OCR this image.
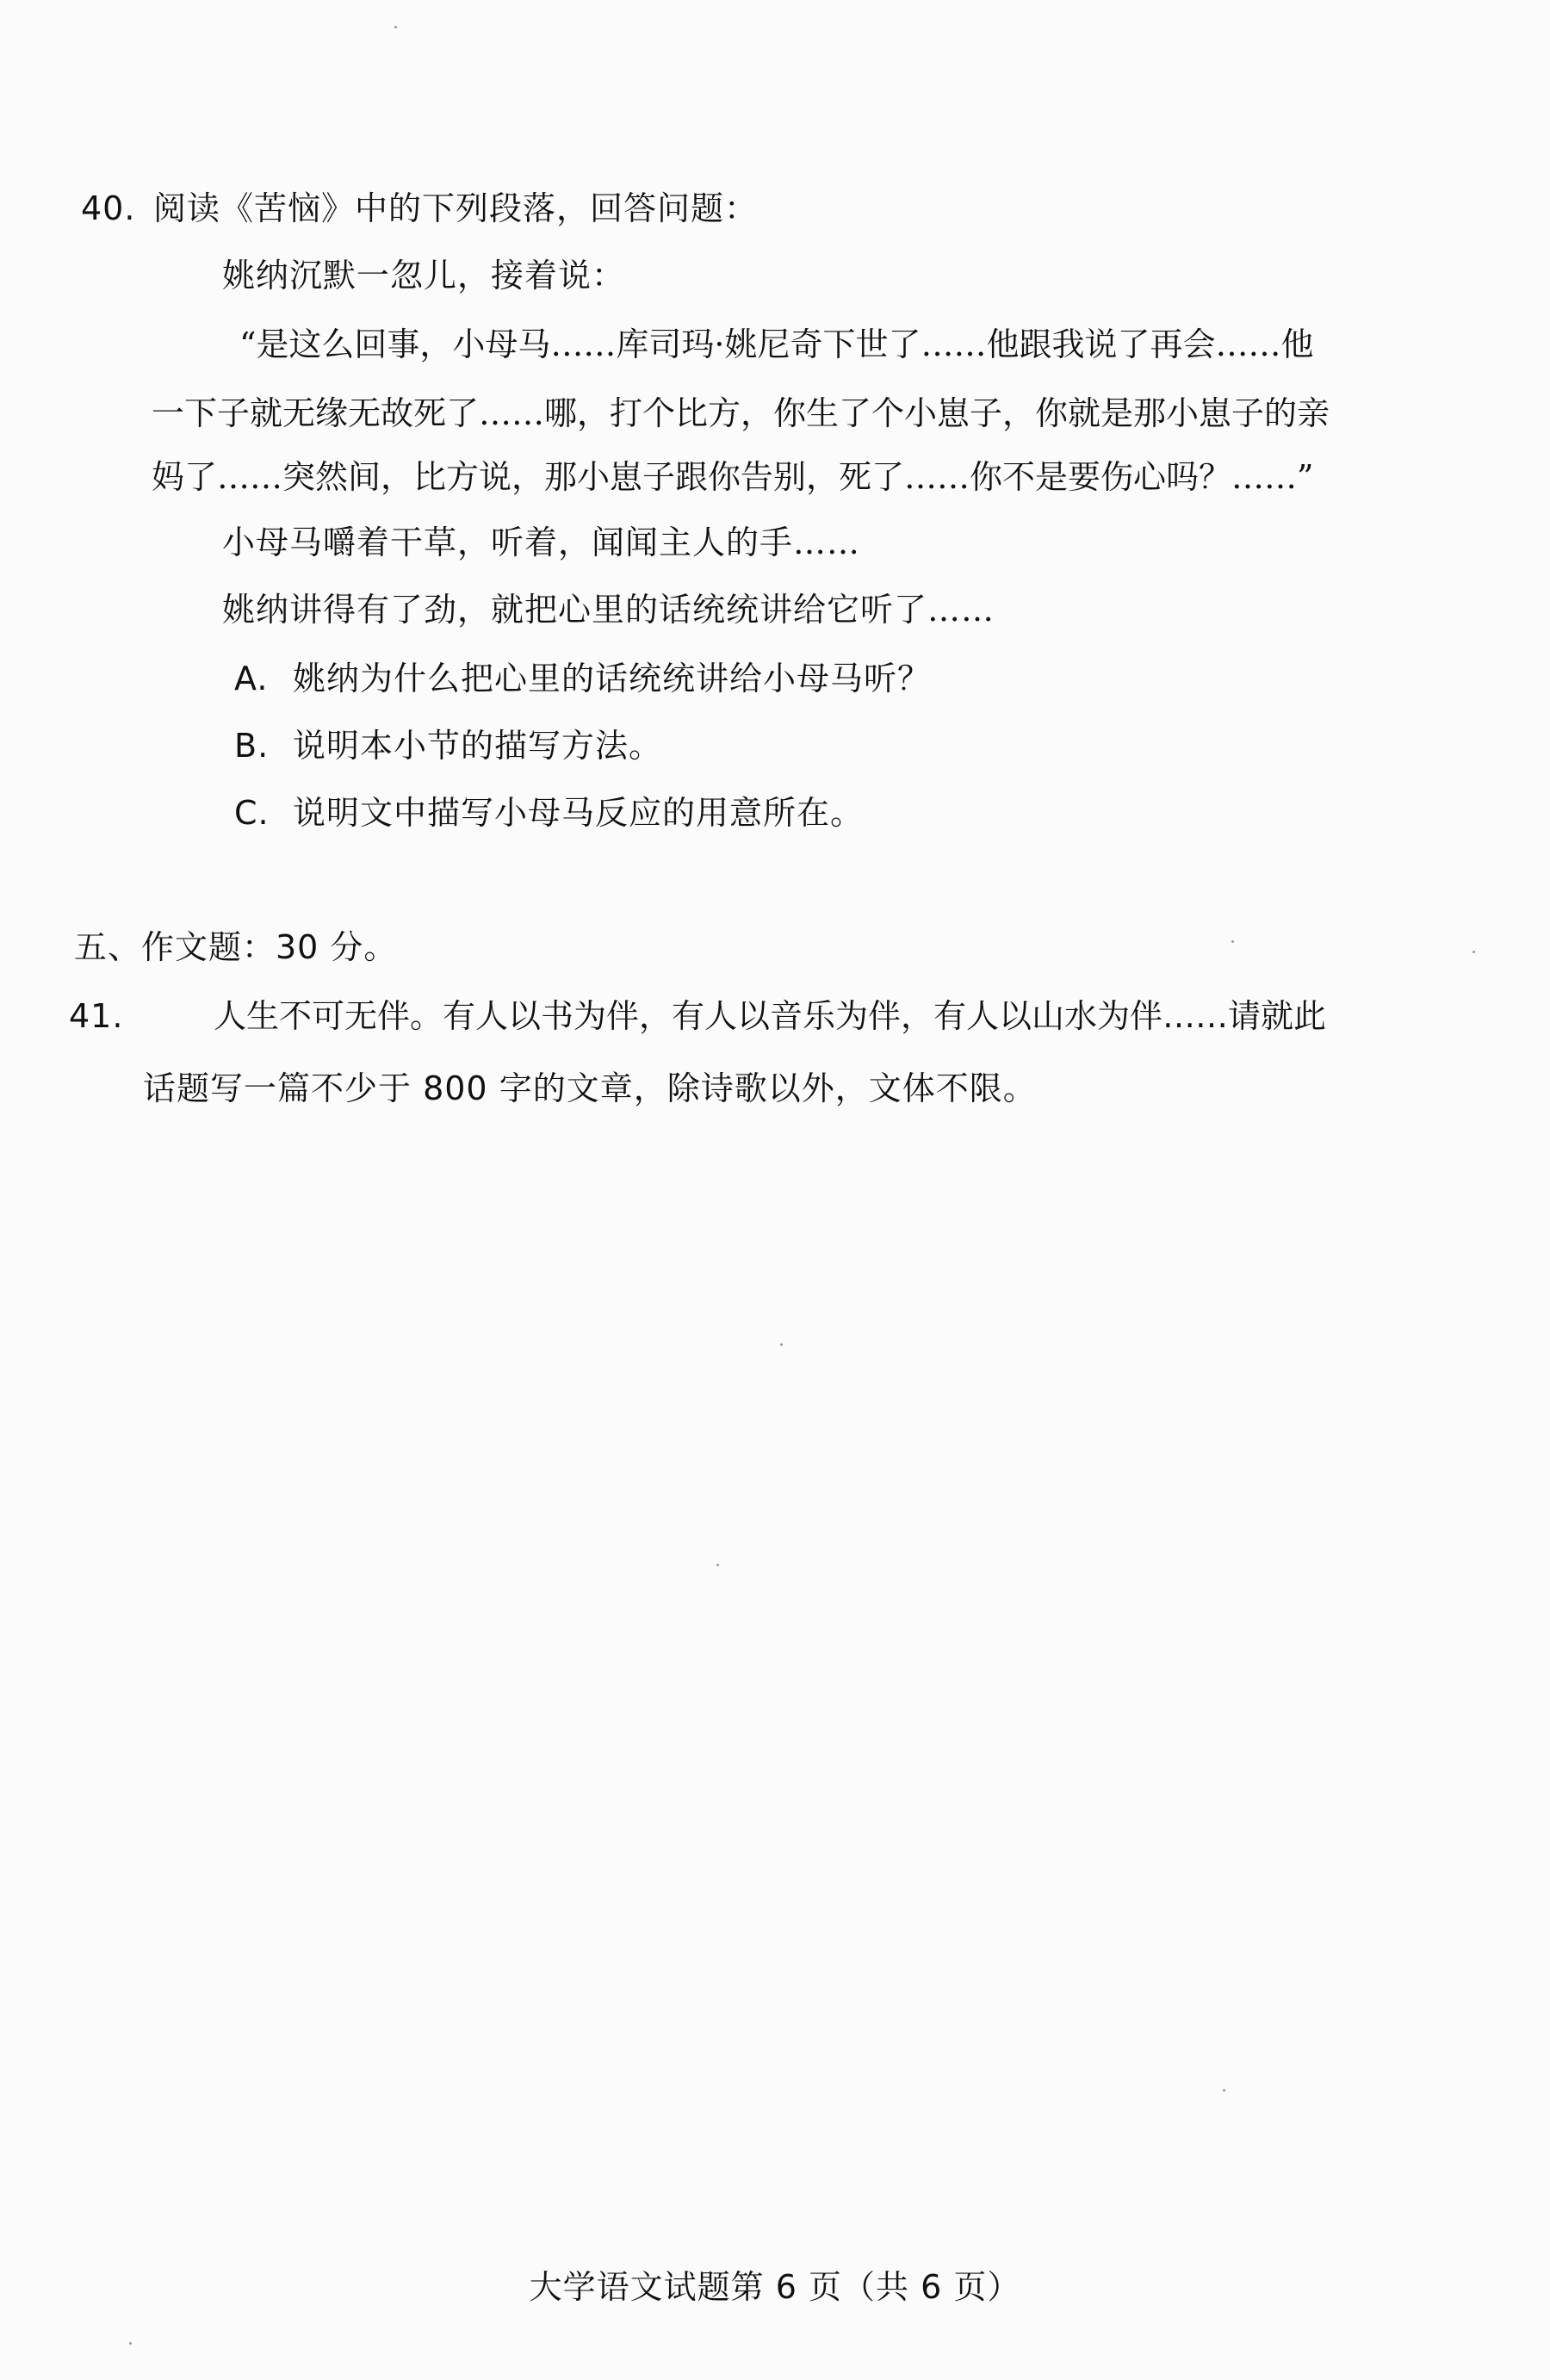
40. 阅读《苦恼》中的下列段落，回答问题：
姚纳沉默一忽儿，接着说：
“是这么回事，小母马……库司玛·姚尼奇下世了……他跟我说了再会……他
一下子就无缘无故死了……哪，打个比方，你生了个小崽子，你就是那小崽子的亲
妈了……突然间，比方说，那小崽子跟你告别，死了……你不是要伤心吗？……”
小母马嚼着干草，听着，闻闻主人的手……
姚纳讲得有了劲，就把心里的话统统讲给它听了……
A. 姚纳为什么把心里的话统统讲给小母马听？
B. 说明本小节的描写方法。
C. 说明文中描写小母马反应的用意所在。
五、作文题：30 分。
41.	人生不可无伴。有人以书为伴，有人以音乐为伴，有人以山水为伴……请就此
话题写一篇不少于 800 字的文章，除诗歌以外，文体不限。
大学语文试题第 6 页（共 6 页）
